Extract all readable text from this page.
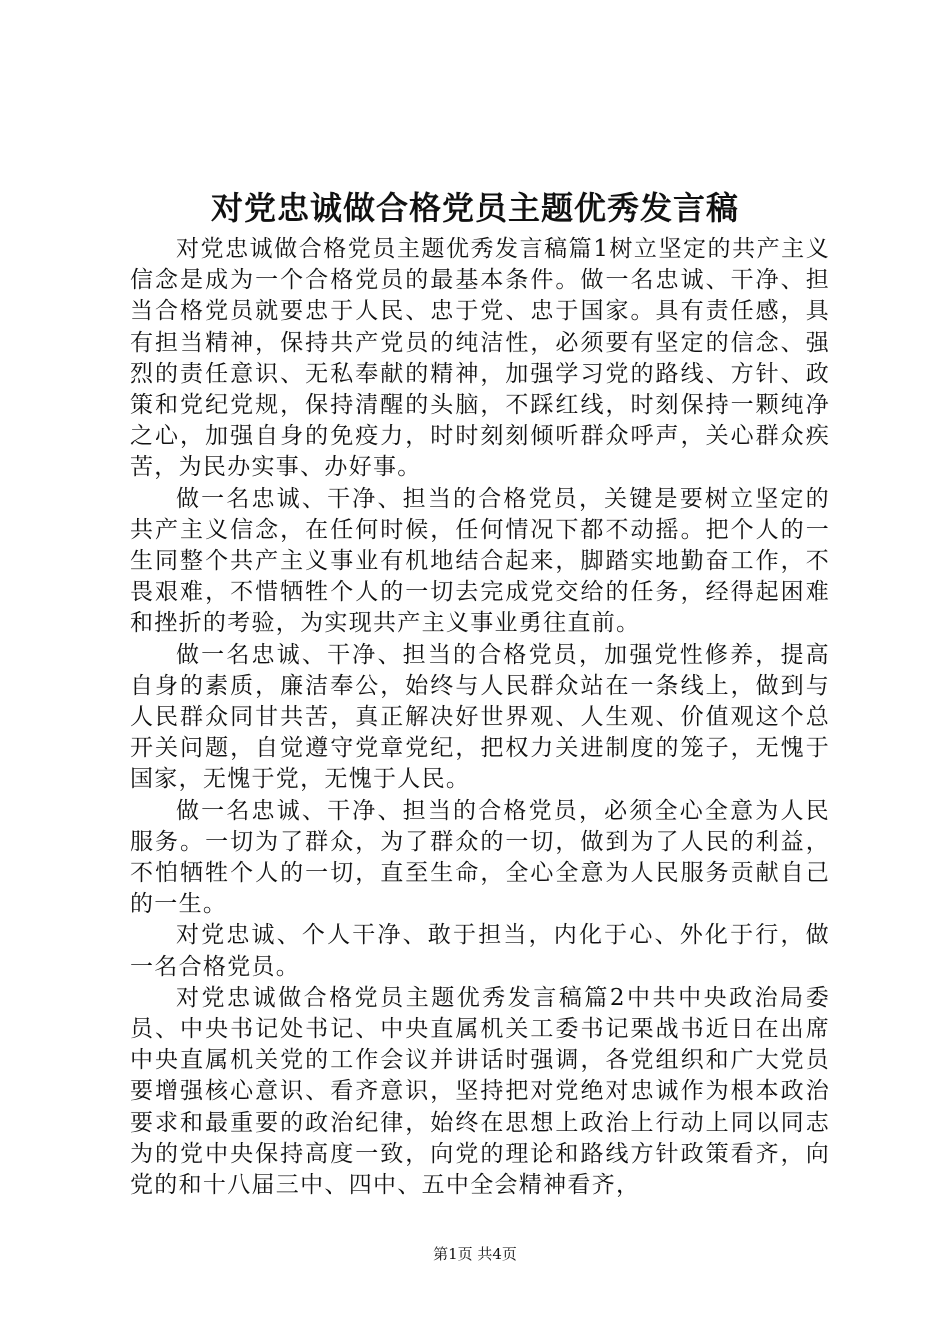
对党忠诚做合格党员主题优秀发言稿

对党忠诚做合格党员主题优秀发言稿篇1树立坚定的共产主义信念是成为一个合格党员的最基本条件。做一名忠诚、干净、担当合格党员就要忠于人民、忠于党、忠于国家。具有责任感，具有担当精神，保持共产党员的纯洁性，必须要有坚定的信念、强烈的责任意识、无私奉献的精神，加强学习党的路线、方针、政策和党纪党规，保持清醒的头脑，不踩红线，时刻保持一颗纯净之心，加强自身的免疫力，时时刻刻倾听群众呼声，关心群众疾苦，为民办实事、办好事。

做一名忠诚、干净、担当的合格党员，关键是要树立坚定的共产主义信念，在任何时候，任何情况下都不动摇。把个人的一生同整个共产主义事业有机地结合起来，脚踏实地勤奋工作，不畏艰难，不惜牺牲个人的一切去完成党交给的任务，经得起困难和挫折的考验，为实现共产主义事业勇往直前。

做一名忠诚、干净、担当的合格党员，加强党性修养，提高自身的素质，廉洁奉公，始终与人民群众站在一条线上，做到与人民群众同甘共苦，真正解决好世界观、人生观、价值观这个总开关问题，自觉遵守党章党纪，把权力关进制度的笼子，无愧于国家，无愧于党，无愧于人民。

做一名忠诚、干净、担当的合格党员，必须全心全意为人民服务。一切为了群众，为了群众的一切，做到为了人民的利益，不怕牺牲个人的一切，直至生命，全心全意为人民服务贡献自己的一生。

对党忠诚、个人干净、敢于担当，内化于心、外化于行，做一名合格党员。

对党忠诚做合格党员主题优秀发言稿篇2中共中央政治局委员、中央书记处书记、中央直属机关工委书记栗战书近日在出席中央直属机关党的工作会议并讲话时强调，各党组织和广大党员要增强核心意识、看齐意识，坚持把对党绝对忠诚作为根本政治要求和最重要的政治纪律，始终在思想上政治上行动上同以同志为的党中央保持高度一致，向党的理论和路线方针政策看齐，向党的和十八届三中、四中、五中全会精神看齐，

第1页 共4页
